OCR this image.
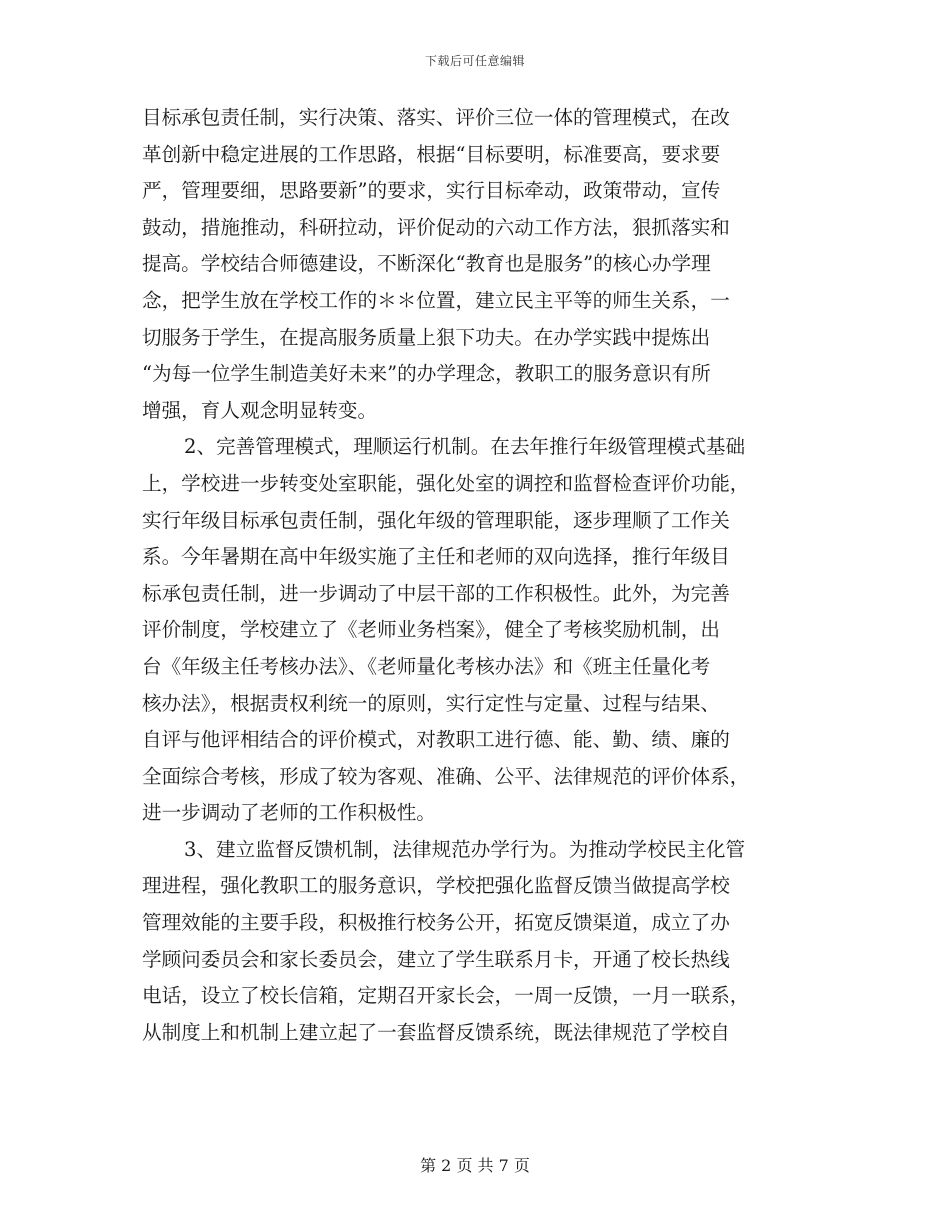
下载后可任意编辑
目标承包责任制，实行决策、落实、评价三位一体的管理模式，在改
革创新中稳定进展的工作思路，根据“目标要明，标准要高，要求要
严，管理要细，思路要新”的要求，实行目标牵动，政策带动，宣传
鼓动，措施推动，科研拉动，评价促动的六动工作方法，狠抓落实和
提高。学校结合师德建设，不断深化“教育也是服务”的核心办学理
念，把学生放在学校工作的＊＊位置，建立民主平等的师生关系，一
切服务于学生，在提高服务质量上狠下功夫。在办学实践中提炼出
“为每一位学生制造美好未来”的办学理念，教职工的服务意识有所
增强，育人观念明显转变。
2、完善管理模式，理顺运行机制。在去年推行年级管理模式基础
上，学校进一步转变处室职能，强化处室的调控和监督检查评价功能，
实行年级目标承包责任制，强化年级的管理职能，逐步理顺了工作关
系。今年暑期在高中年级实施了主任和老师的双向选择，推行年级目
标承包责任制，进一步调动了中层干部的工作积极性。此外，为完善
评价制度，学校建立了《老师业务档案》，健全了考核奖励机制，出
台《年级主任考核办法》、《老师量化考核办法》和《班主任量化考
核办法》，根据责权利统一的原则，实行定性与定量、过程与结果、
自评与他评相结合的评价模式，对教职工进行德、能、勤、绩、廉的
全面综合考核，形成了较为客观、准确、公平、法律规范的评价体系，
进一步调动了老师的工作积极性。
3、建立监督反馈机制，法律规范办学行为。为推动学校民主化管
理进程，强化教职工的服务意识，学校把强化监督反馈当做提高学校
管理效能的主要手段，积极推行校务公开，拓宽反馈渠道，成立了办
学顾问委员会和家长委员会，建立了学生联系月卡，开通了校长热线
电话，设立了校长信箱，定期召开家长会，一周一反馈，一月一联系，
从制度上和机制上建立起了一套监督反馈系统，既法律规范了学校自
第 2 页 共 7 页
